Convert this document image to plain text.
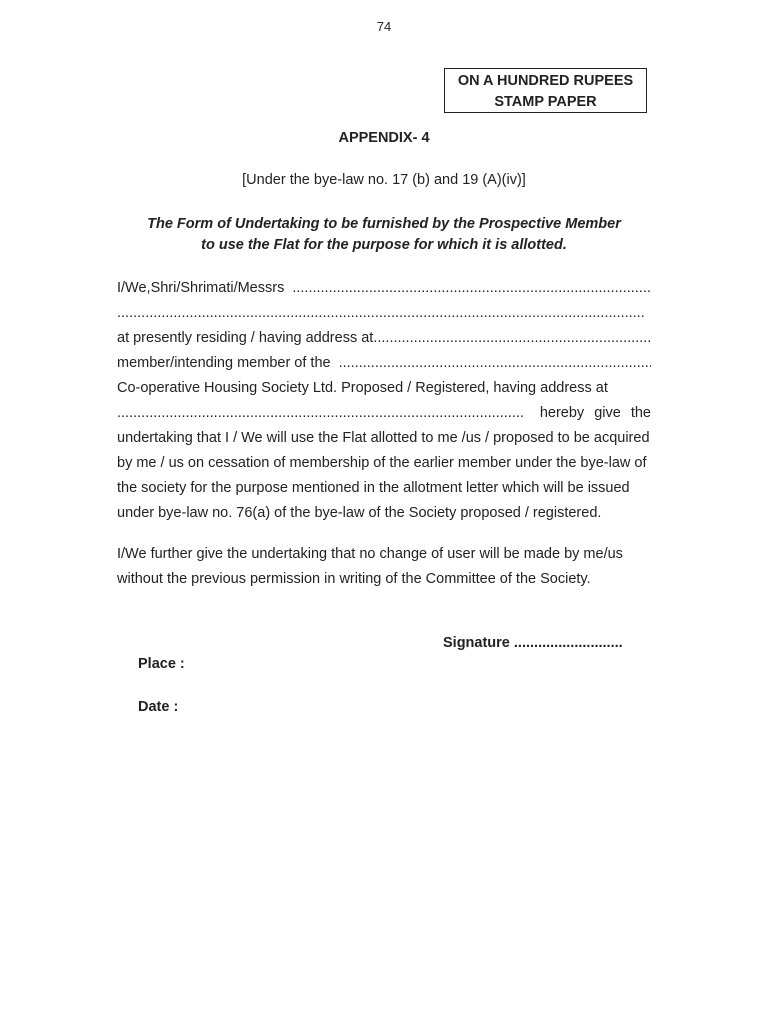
74
ON A HUNDRED RUPEES
STAMP PAPER
APPENDIX- 4
[Under the bye-law no. 17 (b) and 19 (A)(iv)]
The Form of Undertaking to be furnished by the Prospective Member
to use the Flat for the purpose for which it is allotted.
I/We,Shri/Shrimati/Messrs
.....
.....
at presently residing / having address at
.....
member/intending member of the
.....
Co-operative Housing Society Ltd. Proposed / Registered, having address at
.....
hereby give the
undertaking that I / We will use the Flat allotted to me /us / proposed to be acquired
by me / us on cessation of membership of the earlier member under the bye-law of
the society for the purpose mentioned in the allotment letter which will be issued
under bye-law no. 76(a) of the bye-law of the Society proposed / registered.
I/We further give the undertaking that no change of user will be made by me/us
without the previous permission in writing of the Committee of the Society.
Signature ...........................
Place :
Date :
